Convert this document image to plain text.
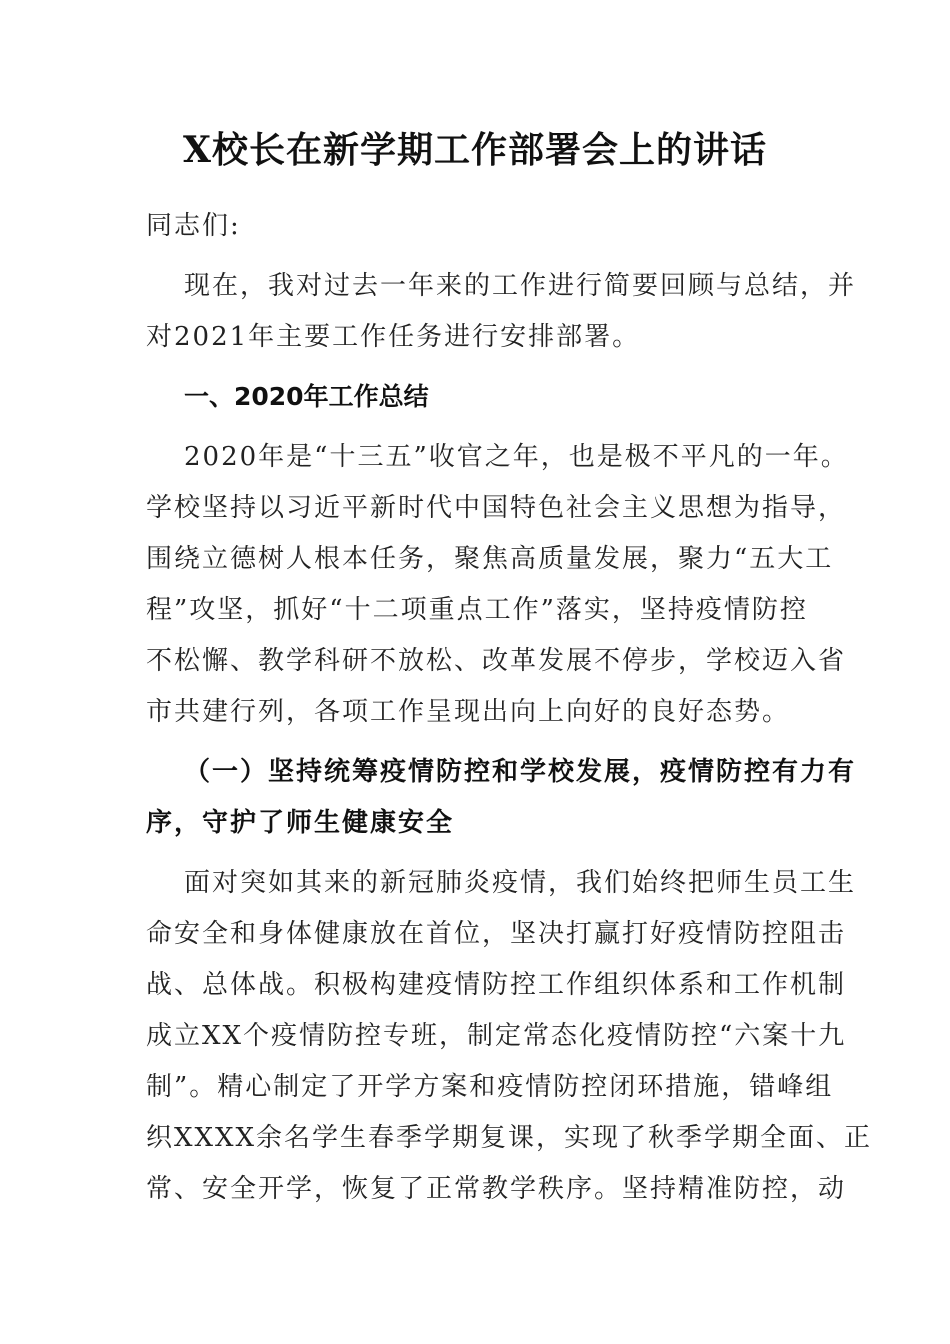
X校长在新学期工作部署会上的讲话
同志们:
现在，我对过去一年来的工作进行简要回顾与总结，并
对2021年主要工作任务进行安排部署。
一、2020年工作总结
2020年是“十三五”收官之年，也是极不平凡的一年。
学校坚持以习近平新时代中国特色社会主义思想为指导，
围绕立德树人根本任务，聚焦高质量发展，聚力“五大工
程”攻坚，抓好“十二项重点工作”落实，坚持疫情防控
不松懈、教学科研不放松、改革发展不停步，学校迈入省
市共建行列，各项工作呈现出向上向好的良好态势。
（一）坚持统筹疫情防控和学校发展，疫情防控有力有
序，守护了师生健康安全
面对突如其来的新冠肺炎疫情，我们始终把师生员工生
命安全和身体健康放在首位，坚决打赢打好疫情防控阻击
战、总体战。积极构建疫情防控工作组织体系和工作机制
成立XX个疫情防控专班，制定常态化疫情防控“六案十九
制”。精心制定了开学方案和疫情防控闭环措施，错峰组
织XXXX余名学生春季学期复课，实现了秋季学期全面、正
常、安全开学，恢复了正常教学秩序。坚持精准防控，动
